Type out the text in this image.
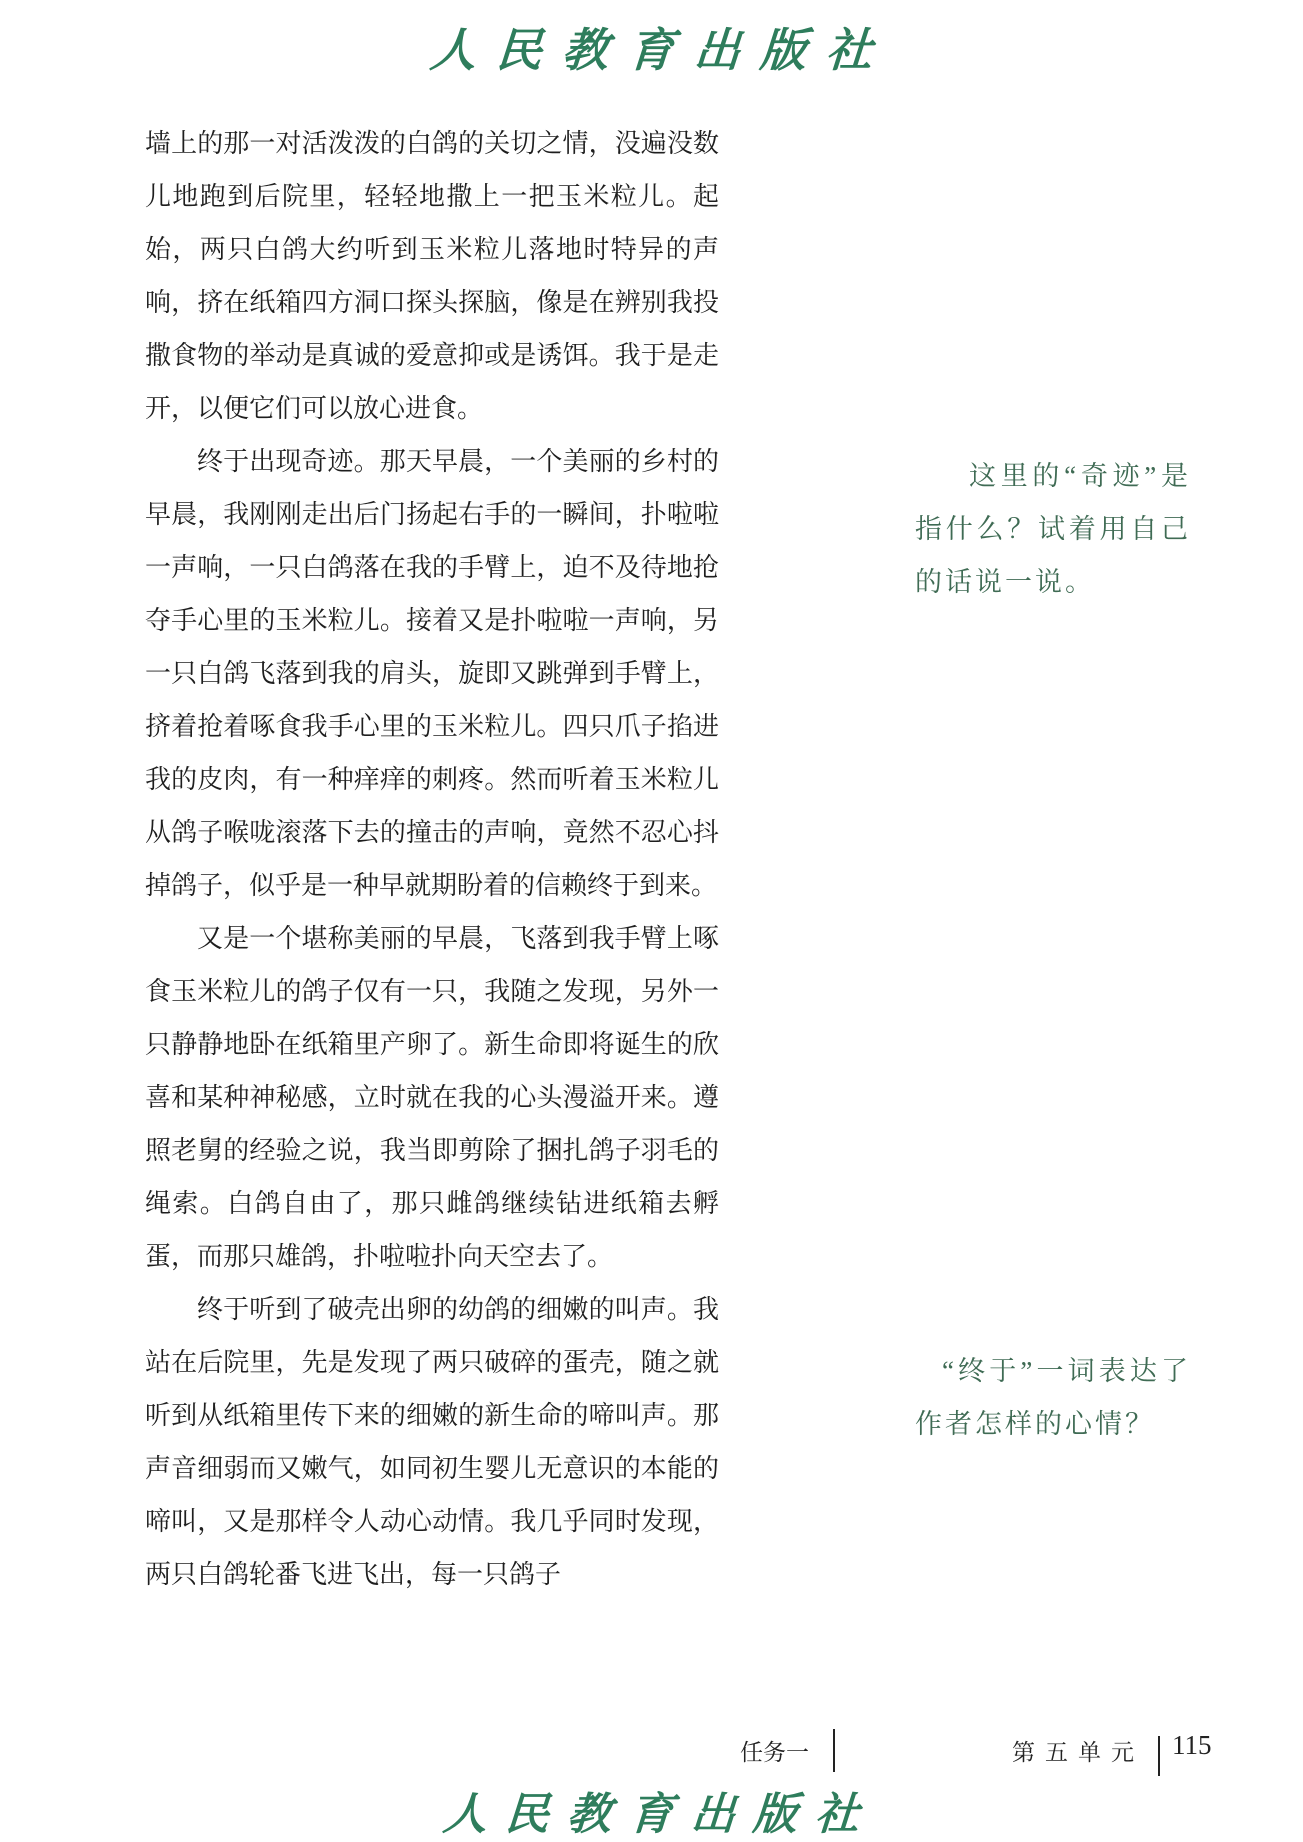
人民教育出版社

墙上的那一对活泼泼的白鸽的关切之情，没遍没数儿地跑到后院里，轻轻地撒上一把玉米粒儿。起始，两只白鸽大约听到玉米粒儿落地时特异的声响，挤在纸箱四方洞口探头探脑，像是在辨别我投撒食物的举动是真诚的爱意抑或是诱饵。我于是走开，以便它们可以放心进食。

终于出现奇迹。那天早晨，一个美丽的乡村的早晨，我刚刚走出后门扬起右手的一瞬间，扑啦啦一声响，一只白鸽落在我的手臂上，迫不及待地抢夺手心里的玉米粒儿。接着又是扑啦啦一声响，另一只白鸽飞落到我的肩头，旋即又跳弹到手臂上，挤着抢着啄食我手心里的玉米粒儿。四只爪子掐进我的皮肉，有一种痒痒的刺疼。然而听着玉米粒儿从鸽子喉咙滚落下去的撞击的声响，竟然不忍心抖掉鸽子，似乎是一种早就期盼着的信赖终于到来。

又是一个堪称美丽的早晨，飞落到我手臂上啄食玉米粒儿的鸽子仅有一只，我随之发现，另外一只静静地卧在纸箱里产卵了。新生命即将诞生的欣喜和某种神秘感，立时就在我的心头漫溢开来。遵照老舅的经验之说，我当即剪除了捆扎鸽子羽毛的绳索。白鸽自由了，那只雌鸽继续钻进纸箱去孵蛋，而那只雄鸽，扑啦啦扑向天空去了。

终于听到了破壳出卵的幼鸽的细嫩的叫声。我站在后院里，先是发现了两只破碎的蛋壳，随之就听到从纸箱里传下来的细嫩的新生命的啼叫声。那声音细弱而又嫩气，如同初生婴儿无意识的本能的啼叫，又是那样令人动心动情。我几乎同时发现，两只白鸽轮番飞进飞出，每一只鸽子

这里的“奇迹”是指什么？试着用自己的话说一说。
“终于”一词表达了作者怎样的心情？
任务一	第五单元 115
人民教育出版社
